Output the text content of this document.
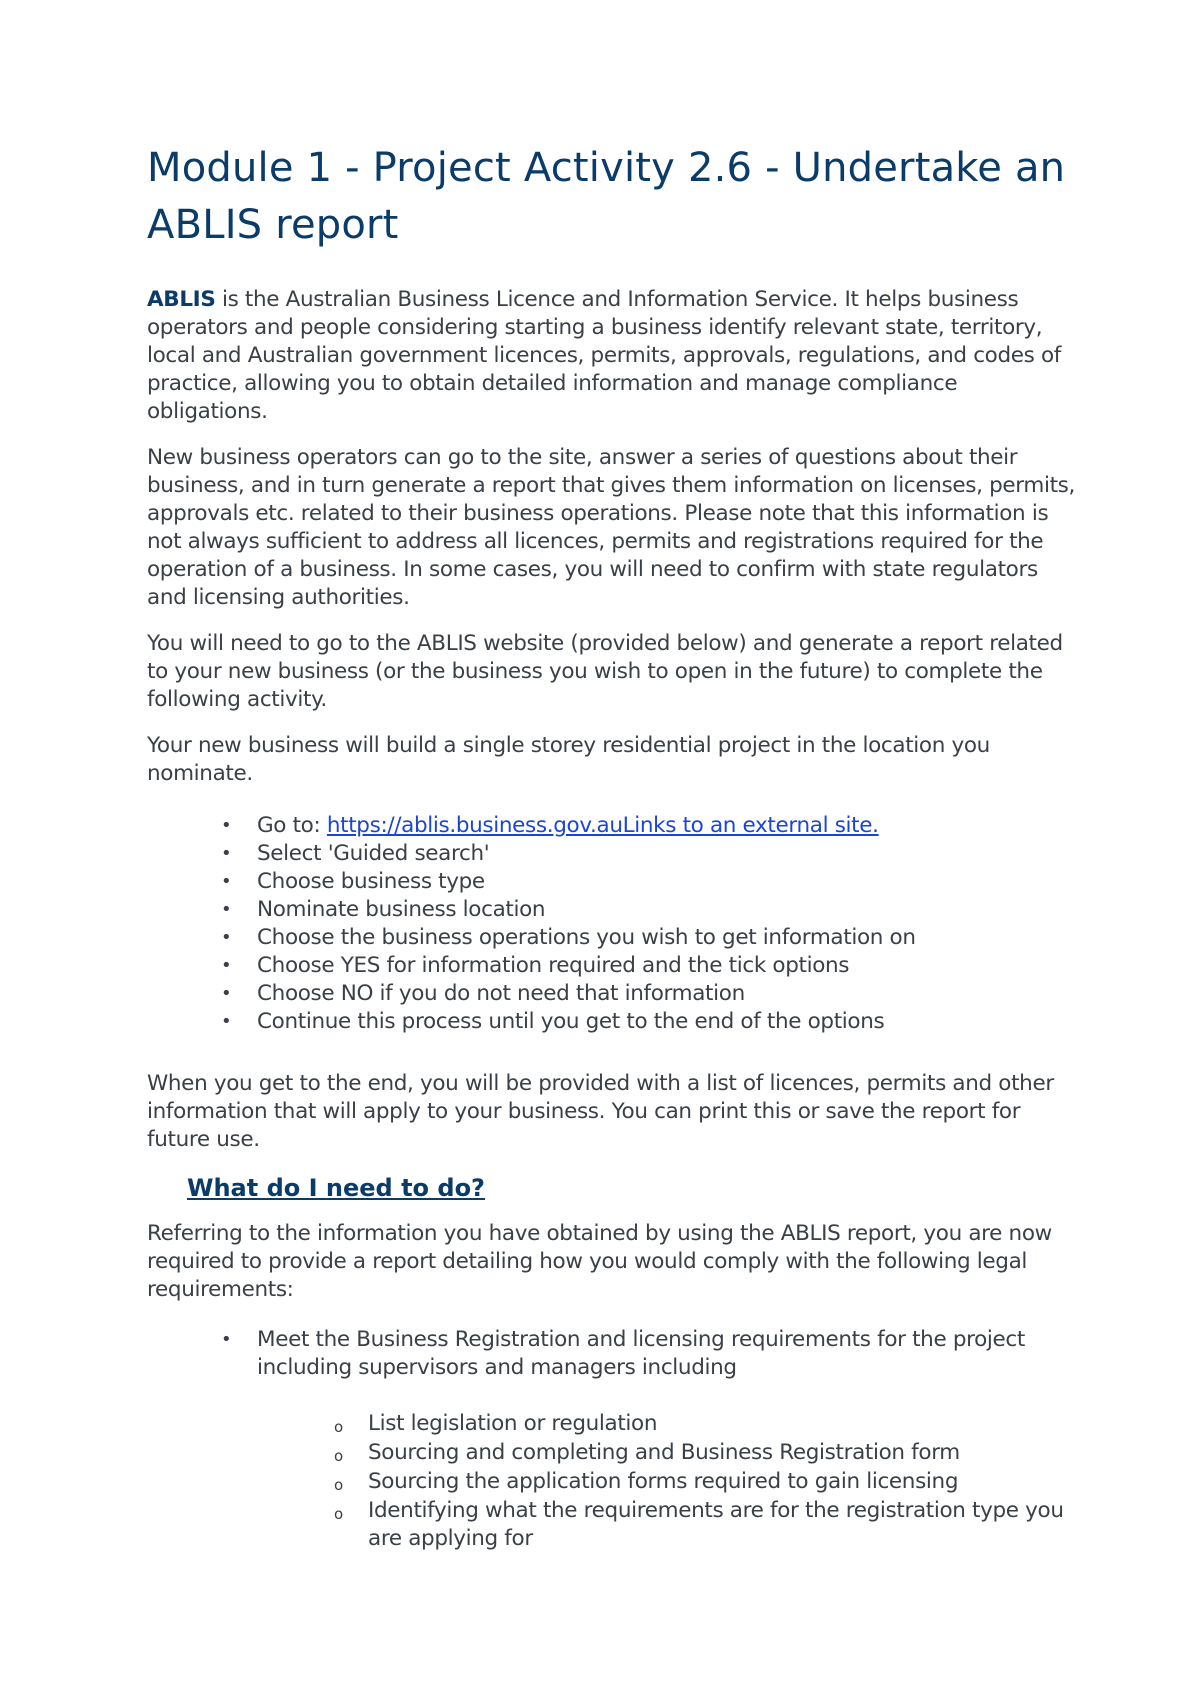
Module 1 - Project Activity 2.6 - Undertake an ABLIS report

ABLIS is the Australian Business Licence and Information Service. It helps business operators and people considering starting a business identify relevant state, territory, local and Australian government licences, permits, approvals, regulations, and codes of practice, allowing you to obtain detailed information and manage compliance obligations.

New business operators can go to the site, answer a series of questions about their business, and in turn generate a report that gives them information on licenses, permits, approvals etc. related to their business operations. Please note that this information is not always sufficient to address all licences, permits and registrations required for the operation of a business. In some cases, you will need to confirm with state regulators and licensing authorities.

You will need to go to the ABLIS website (provided below) and generate a report related to your new business (or the business you wish to open in the future) to complete the following activity.

Your new business will build a single storey residential project in the location you nominate.

• Go to: https://ablis.business.gov.auLinks to an external site.
• Select 'Guided search'
• Choose business type
• Nominate business location
• Choose the business operations you wish to get information on
• Choose YES for information required and the tick options
• Choose NO if you do not need that information
• Continue this process until you get to the end of the options

When you get to the end, you will be provided with a list of licences, permits and other information that will apply to your business. You can print this or save the report for future use.

What do I need to do?

Referring to the information you have obtained by using the ABLIS report, you are now required to provide a report detailing how you would comply with the following legal requirements:

• Meet the Business Registration and licensing requirements for the project including supervisors and managers including
o List legislation or regulation
o Sourcing and completing and Business Registration form
o Sourcing the application forms required to gain licensing
o Identifying what the requirements are for the registration type you are applying for
